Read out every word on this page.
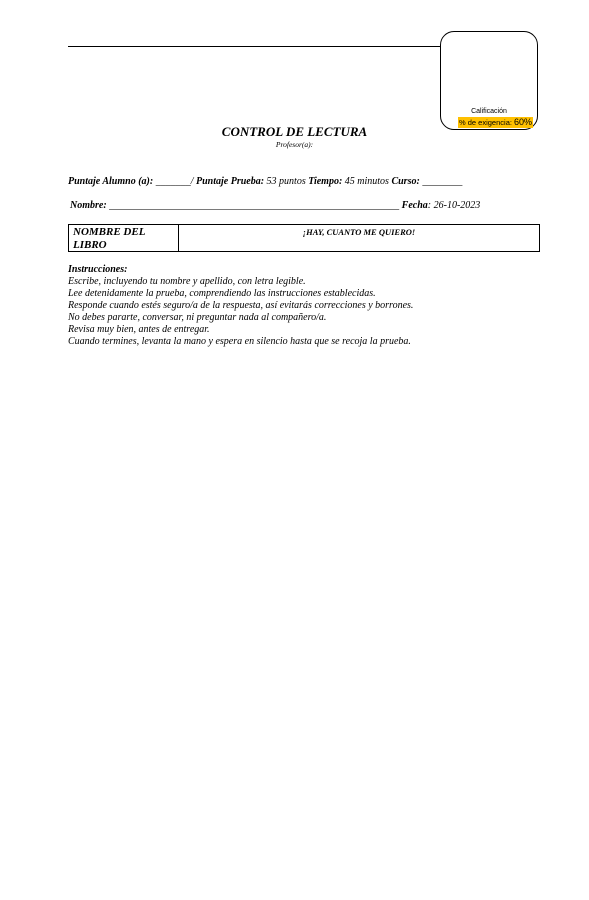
Calificación
% de exigencia: 60%
CONTROL DE LECTURA
Profesor(a):
Puntaje Alumno (a): _______/ Puntaje Prueba: 53 puntos Tiempo: 45 minutos Curso: ________
Nombre: __________________________________________________________ Fecha: 26-10-2023
NOMBRE DEL LIBRO
¡HAY, CUANTO ME QUIERO!
Instrucciones:
Escribe, incluyendo tu nombre y apellido, con letra legible.
Lee detenidamente la prueba, comprendiendo las instrucciones establecidas.
Responde cuando estés seguro/a de la respuesta, así evitarás correcciones y borrones.
No debes pararte, conversar, ni preguntar nada al compañero/a.
Revisa muy bien, antes de entregar.
Cuando termines, levanta la mano y espera en silencio hasta que se recoja la prueba.
